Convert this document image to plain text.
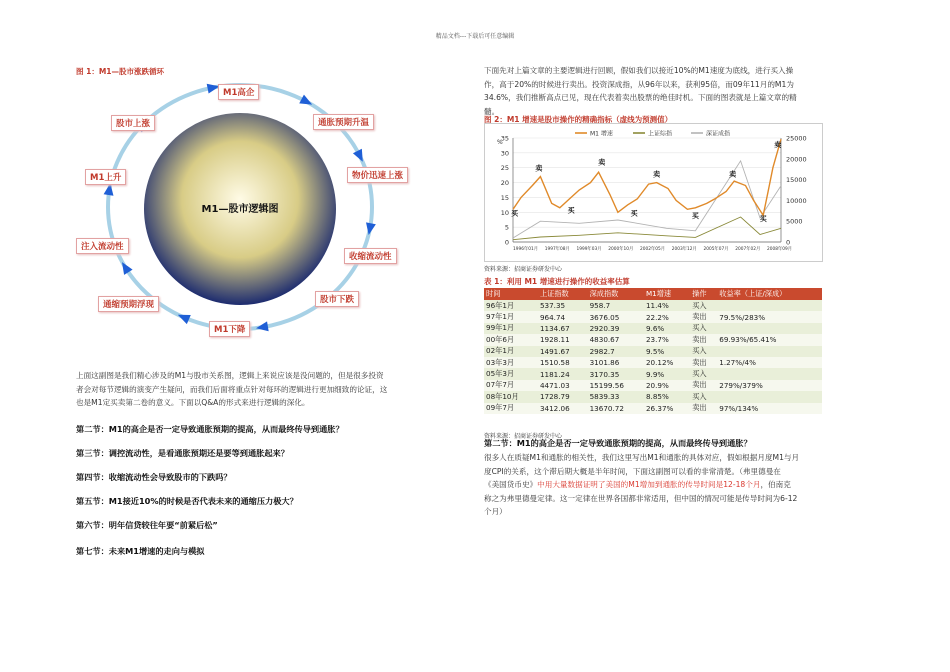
精品文档---下载后可任意编辑
图 1：M1—股市涨跌循环
M1—股市逻辑图
M1高企
通胀预期升温
物价迅速上涨
收缩流动性
股市下跌
M1下降
通缩预期浮现
注入流动性
M1上升
股市上涨
上面这副图是我们精心涉及的M1与股市关系图，逻辑上来说应该是没问题的，但是很多投资
者会对每节逻辑的演变产生疑问，而我们后面将重点针对每环的逻辑进行更加细致的论证，这
也是M1定买卖第二卷的意义。下面以Q&A的形式来进行逻辑的深化。
第二节：M1的高企是否一定导致通胀预期的提高，从而最终传导到通胀？
第三节：调控流动性，是看通胀预期还是要等到通胀起来？
第四节：收缩流动性会导致股市的下跌吗？
第五节：M1接近10%的时候是否代表未来的通缩压力极大？
第六节：明年信贷较往年要“前紧后松”
第七节：未来M1增速的走向与模拟
下面先对上篇文章的主要逻辑进行回顾，假如我们以接近10%的M1速度为底线，进行买入操
作，高于20%的时候进行卖出。投资深成指，从96年以来，获利95倍，而09年11月的M1为
34.6%，我们推断高点已见，现在代表着卖出股票的绝佳时机。下面的图表就是上篇文章的精
髓。
图 2：M1 增速是股市操作的精确指标（虚线为预测值）
35
30
25
20
15
10
5
0
25000
20000
15000
10000
5000
0
%
1996年01月 1997年08月 1999年03月 2000年10月 2002年05月 2003年12月 2005年07月 2007年02月 2008年09月
M1 增速	上证综指	深证成指
卖
卖
卖	卖
卖
买	买	买	买	买
资料来源：招商证券研发中心
表 1：利用 M1 增速进行操作的收益率估算
时间	上证指数	深成指数	M1增速	操作	收益率（上证/深成）
96年1月	537.35	958.7	11.4%	买入	
97年1月	964.74	3676.05	22.2%	卖出	79.5%/283%
99年1月	1134.67	2920.39	9.6%	买入	
00年6月	1928.11	4830.67	23.7%	卖出	69.93%/65.41%
02年1月	1491.67	2982.7	9.5%	买入	
03年3月	1510.58	3101.86	20.12%	卖出	1.27%/4%
05年3月	1181.24	3170.35	9.9%	买入	
07年7月	4471.03	15199.56	20.9%	卖出	279%/379%
08年10月	1728.79	5839.33	8.85%	买入	
09年7月	3412.06	13670.72	26.37%	卖出	97%/134%
资料来源：招商证券研发中心
第二节：M1的高企是否一定导致通胀预期的提高，从而最终传导到通胀？
很多人在质疑M1和通胀的相关性，我们这里写出M1和通胀的具体对应，假如根据月度M1与月
度CPI的关系，这个滞后期大概是半年时间，下面这副图可以看的非常清楚。（弗里德曼在
《美国货币史》中用大量数据证明了美国的M1增加到通胀的传导时间是12-18个月，伯南克
称之为弗里德曼定律。这一定律在世界各国都非常适用，但中国的情况可能是传导时间为6-12
个月）
